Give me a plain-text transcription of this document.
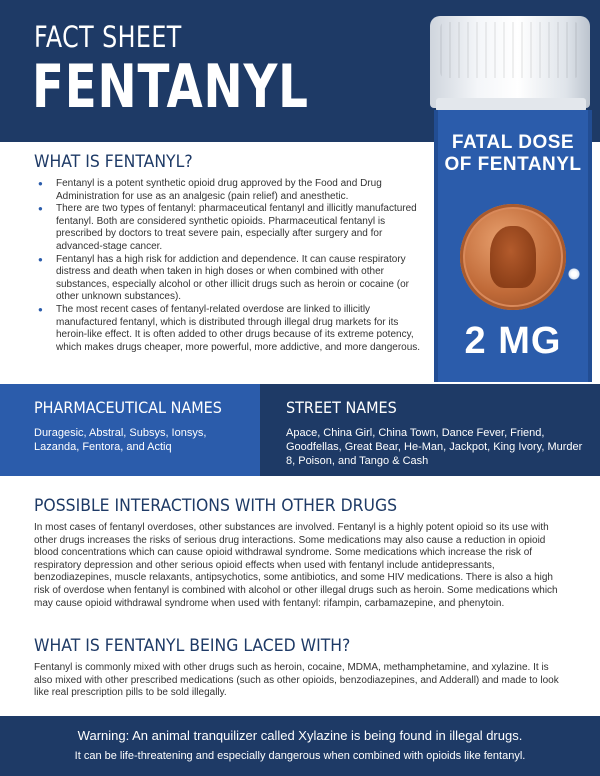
FACT SHEET
FENTANYL
FATAL DOSE
OF FENTANYL
2 MG
WHAT IS FENTANYL?
● Fentanyl is a potent synthetic opioid drug approved by the Food and Drug Administration for use as an analgesic (pain relief) and anesthetic.
● There are two types of fentanyl: pharmaceutical fentanyl and illicitly manufactured fentanyl. Both are considered synthetic opioids. Pharmaceutical fentanyl is prescribed by doctors to treat severe pain, especially after surgery and for advanced-stage cancer.
● Fentanyl has a high risk for addiction and dependence. It can cause respiratory distress and death when taken in high doses or when combined with other substances, especially alcohol or other illicit drugs such as heroin or cocaine (or other unknown substances).
● The most recent cases of fentanyl-related overdose are linked to illicitly manufactured fentanyl, which is distributed through illegal drug markets for its heroin-like effect. It is often added to other drugs because of its extreme potency, which makes drugs cheaper, more powerful, more addictive, and more dangerous.
PHARMACEUTICAL NAMES
Duragesic, Abstral, Subsys, Ionsys, Lazanda, Fentora, and Actiq
STREET NAMES
Apace, China Girl, China Town, Dance Fever, Friend, Goodfellas, Great Bear, He-Man, Jackpot, King Ivory, Murder 8, Poison, and Tango & Cash
POSSIBLE INTERACTIONS WITH OTHER DRUGS

In most cases of fentanyl overdoses, other substances are involved. Fentanyl is a highly potent opioid so its use with other drugs increases the risks of serious drug interactions. Some medications may also cause a reduction in opioid blood concentrations which can cause opioid withdrawal syndrome. Some medications which increase the risk of respiratory depression and other serious opioid effects when used with fentanyl include antidepressants, benzodiazepines, muscle relaxants, antipsychotics, some antibiotics, and some HIV medications. There is also a high risk of overdose when fentanyl is combined with alcohol or other illegal drugs such as heroin. Some medications which may cause opioid withdrawal syndrome when used with fentanyl: rifampin, carbamazepine, and phenytoin.

WHAT IS FENTANYL BEING LACED WITH?

Fentanyl is commonly mixed with other drugs such as heroin, cocaine, MDMA, methamphetamine, and xylazine. It is also mixed with other prescribed medications (such as other opioids, benzodiazepines, and Adderall) and made to look like real prescription pills to be sold illegally.

Warning: An animal tranquilizer called Xylazine is being found in illegal drugs.
It can be life-threatening and especially dangerous when combined with opioids like fentanyl.
